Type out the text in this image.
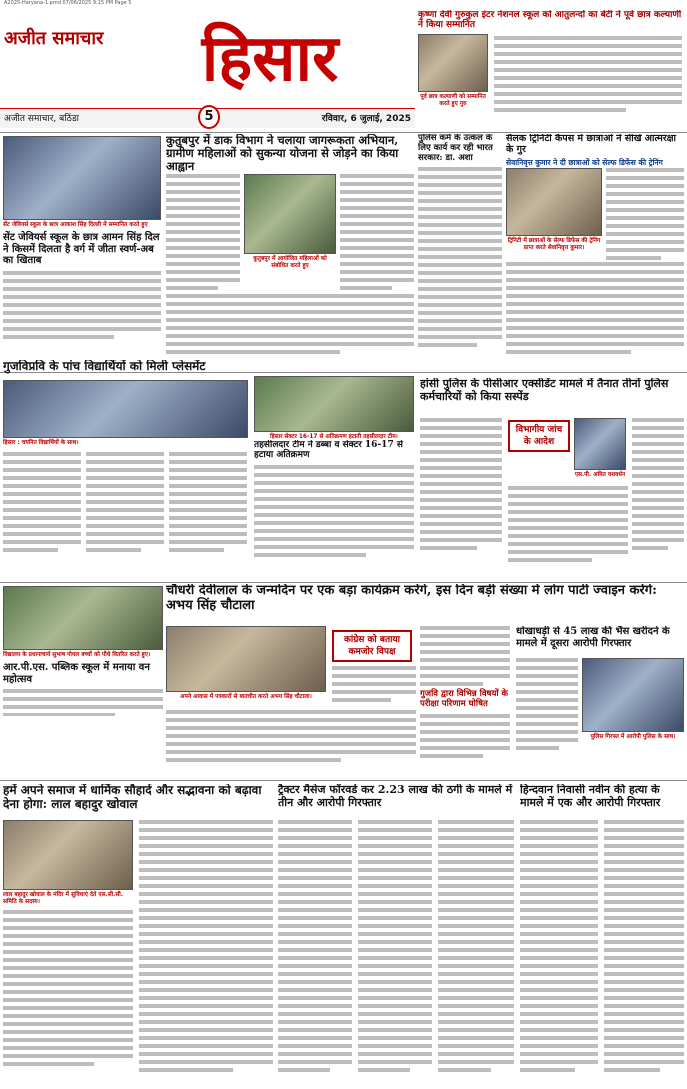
A2025-Haryana-1.pmd 07/06/2025 9:15 PM Page 5
अजीत समाचार	हिसार
अजीत समाचार, बठिंडा	5	रविवार, 6 जुलाई, 2025
कृष्णा देवी गुरुकुल इंटर नेशनल स्कूल को आतुलन्दों का बेटी ने पूर्व छात्र कल्याणी ने किया सम्मानित
पूर्व छात्र कल्याणी को सम्मानित करते हुए गुरु
सेंट जेवियर्स स्कूल के छात्र आकाश सिंह दिल्ली में सम्मानित करते हुए
सेंट जेवियर्स स्कूल के छात्र आमन सिंह दिल ने किसमें दिलता है वर्ग में जीता स्वर्ण-अब का खिताब
कुतुबपुर में डाक विभाग ने चलाया जागरूकता अभियान, ग्रामीण महिलाओं को सुकन्या योजना से जोड़ने का किया आह्वान
कुतुबपुर में आयोजित महिलाओं को संबोधित करते हुए
पुलिस कर्म के उत्कल के लिए कार्य कर रही भारत सरकार: डा. अशा
सैलक ट्रिनिटी कैंपस में छात्राओं ने सीखे आत्मरक्षा के गुर
सेवानिवृत्त कुमार ने दी छात्राओं को सेल्फ डिफेंस की ट्रेनिंग
ट्रिनिटी में छात्राओं के सेल्फ डिफेंस की ट्रेनिंग प्राप्त करते सेवानिवृत्त कुमार।
गुजविप्रवि के पांच विद्यार्थियों को मिली प्लेसमेंट
हिसार : चयनित विद्यार्थियों के साथ।
हिसार सेक्टर 16-17 से अतिक्रमण हटाती तहसीलदार टीम।
तहसीलदार टीम ने डब्बा व सेक्टर 16-17 से हटाया अतिक्रमण
हांसी पुलिस के पीसीआर एक्सीडेंट मामले में तैनात तीनों पुलिस कर्मचारियों को किया सस्पेंड
विभागीय जांच के आदेश
एस.पी. अमित यशवर्धन
विद्यालय के प्रधानाचार्य सुभाष गोयल बच्चों को पौधे वितरित करते हुए।
आर.पी.एस. पब्लिक स्कूल में मनाया वन महोत्सव
चौधरी देवीलाल के जन्मदिन पर एक बड़ा कार्यक्रम करेंगे, इस दिन बड़ी संख्या में लोग पार्टी ज्वाइन करेंगे: अभय सिंह चौटाला
अपने आवास में पत्रकारों से बातचीत करते अभय सिंह चौटाला।
कांग्रेस को बताया कमजोर विपक्ष
गुजवि द्वारा विभिन्न विषयों के परीक्षा परिणाम घोषित
धोखाधड़ी से 45 लाख की भैंस खरीदने के मामले में दूसरा आरोपी गिरफ्तार
पुलिस गिरफ्त में आरोपी पुलिस के साथ।
हमें अपने समाज में धार्मिक सौहार्द और सद्भावना को बढ़ावा देना होगा: लाल बहादुर खोवाल
लाल बहादुर खोवाल के मंदिर में सुविधाएं देते एस.सी.सी. समिति के सदस्य।
ट्रैक्टर मैसेज फॉरवर्ड कर 2.23 लाख की ठगी के मामले में तीन और आरोपी गिरफ्तार
हिन्दवान निवासी नवीन की हत्या के मामले में एक और आरोपी गिरफ्तार
